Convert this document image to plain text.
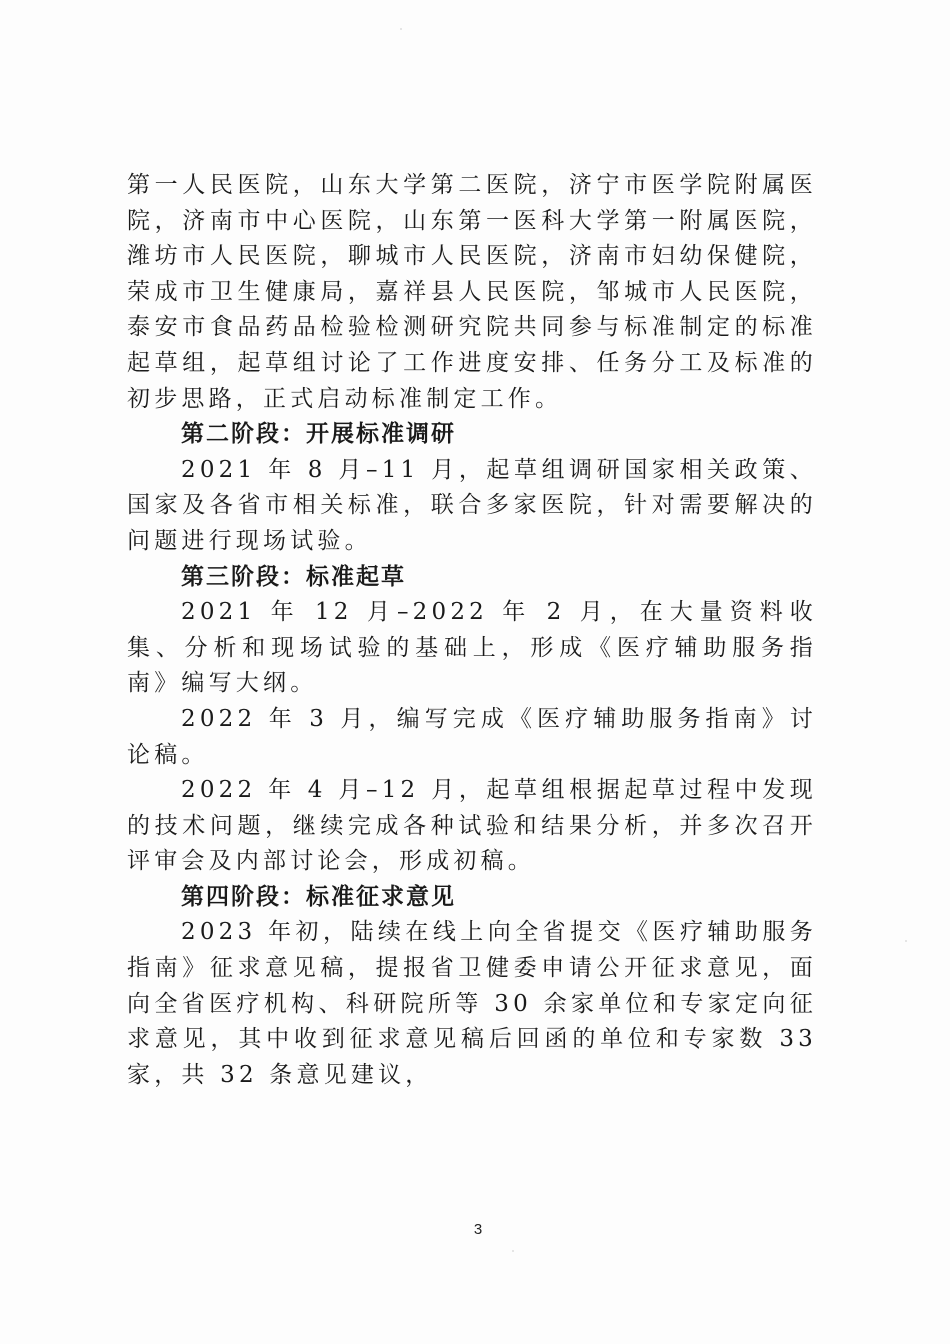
第一人民医院，山东大学第二医院，济宁市医学院附属医院，济南市中心医院，山东第一医科大学第一附属医院，潍坊市人民医院，聊城市人民医院，济南市妇幼保健院，荣成市卫生健康局，嘉祥县人民医院，邹城市人民医院，泰安市食品药品检验检测研究院共同参与标准制定的标准起草组，起草组讨论了工作进度安排、任务分工及标准的初步思路，正式启动标准制定工作。

第二阶段：开展标准调研

2021 年 8 月–11 月，起草组调研国家相关政策、国家及各省市相关标准，联合多家医院，针对需要解决的问题进行现场试验。

第三阶段：标准起草

2021 年 12 月–2022 年 2 月，在大量资料收集、分析和现场试验的基础上，形成《医疗辅助服务指南》编写大纲。

2022 年 3 月，编写完成《医疗辅助服务指南》讨论稿。

2022 年 4 月–12 月，起草组根据起草过程中发现的技术问题，继续完成各种试验和结果分析，并多次召开评审会及内部讨论会，形成初稿。

第四阶段：标准征求意见

2023 年初，陆续在线上向全省提交《医疗辅助服务指南》征求意见稿，提报省卫健委申请公开征求意见，面向全省医疗机构、科研院所等 30 余家单位和专家定向征求意见，其中收到征求意见稿后回函的单位和专家数 33 家，共 32 条意见建议，

3
